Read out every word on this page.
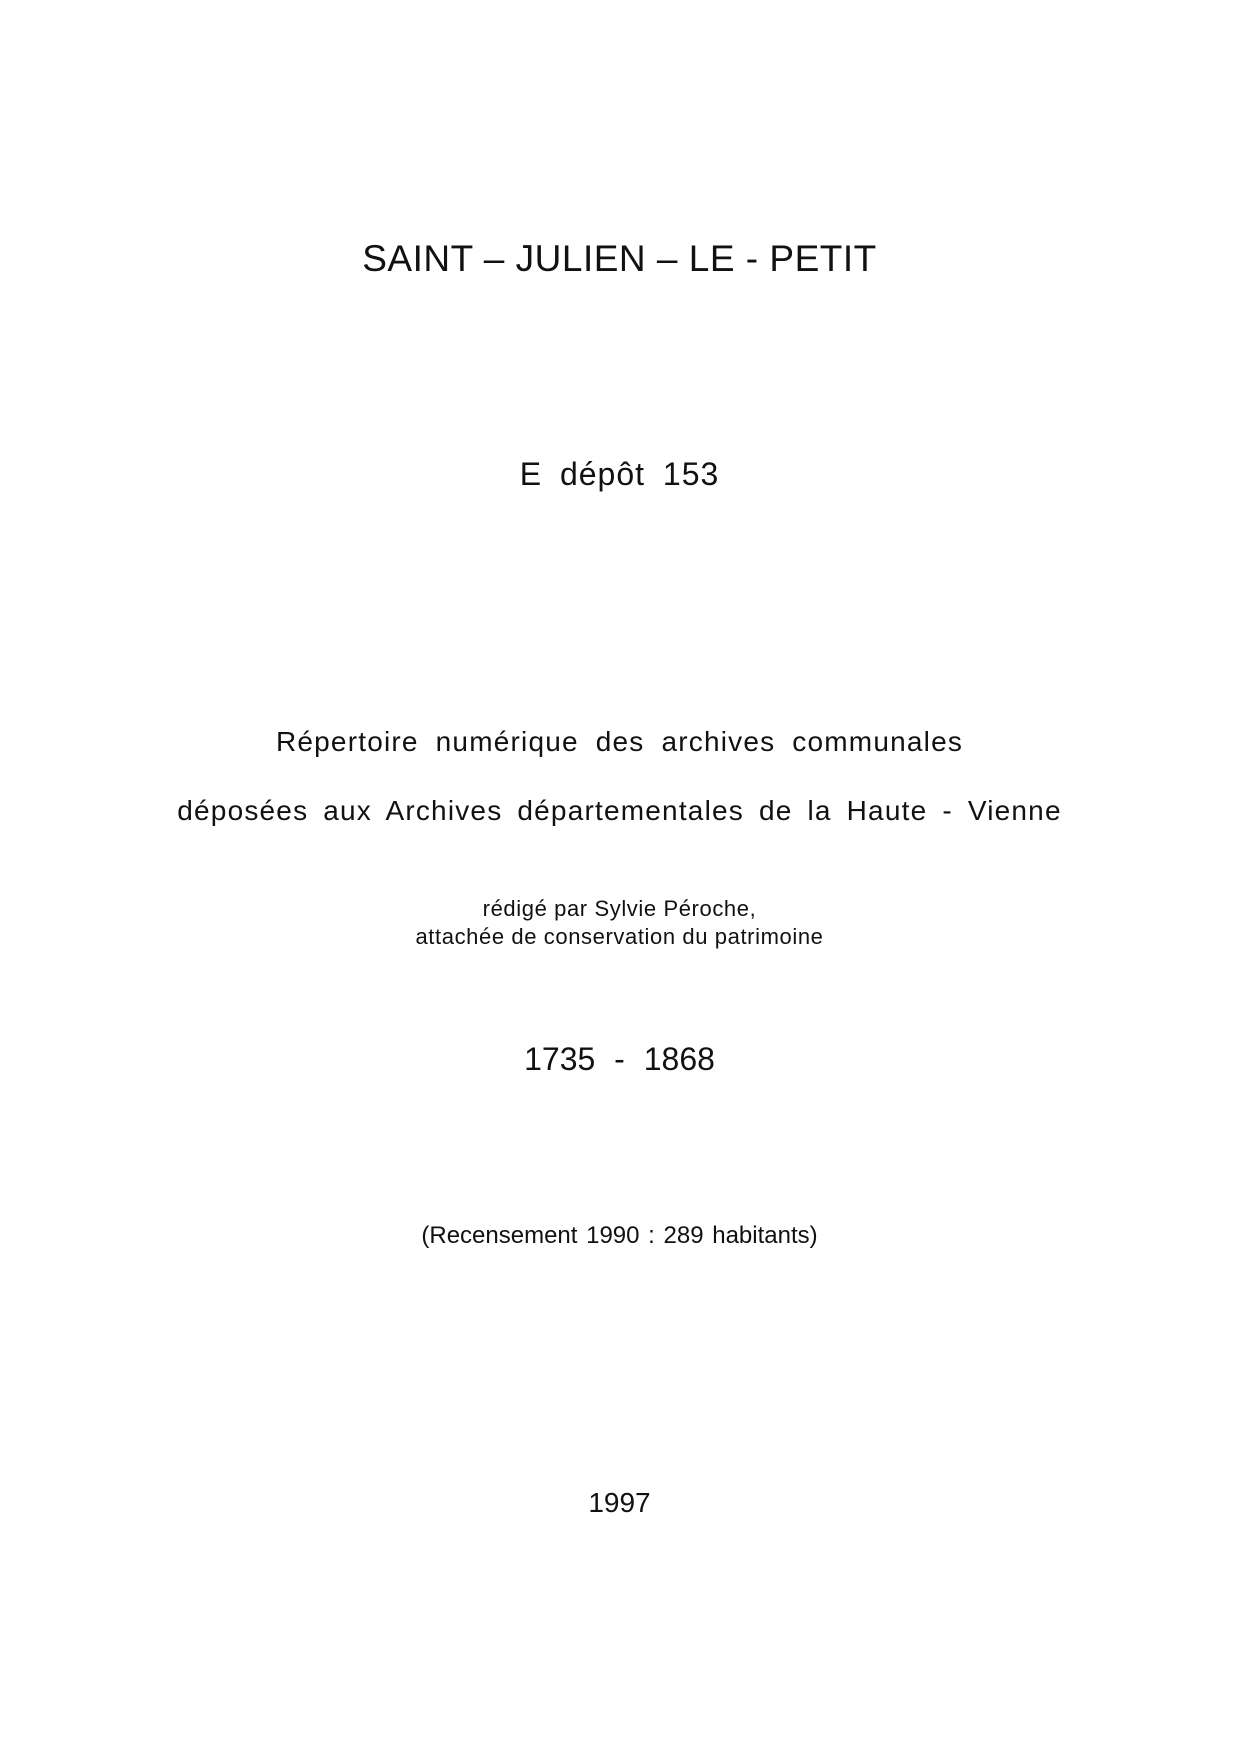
SAINT – JULIEN – LE - PETIT
E dépôt 153
Répertoire numérique des archives communales
déposées aux Archives départementales de la Haute - Vienne
rédigé par Sylvie Péroche,
attachée de conservation du patrimoine
1735 - 1868
(Recensement 1990 : 289 habitants)
1997
